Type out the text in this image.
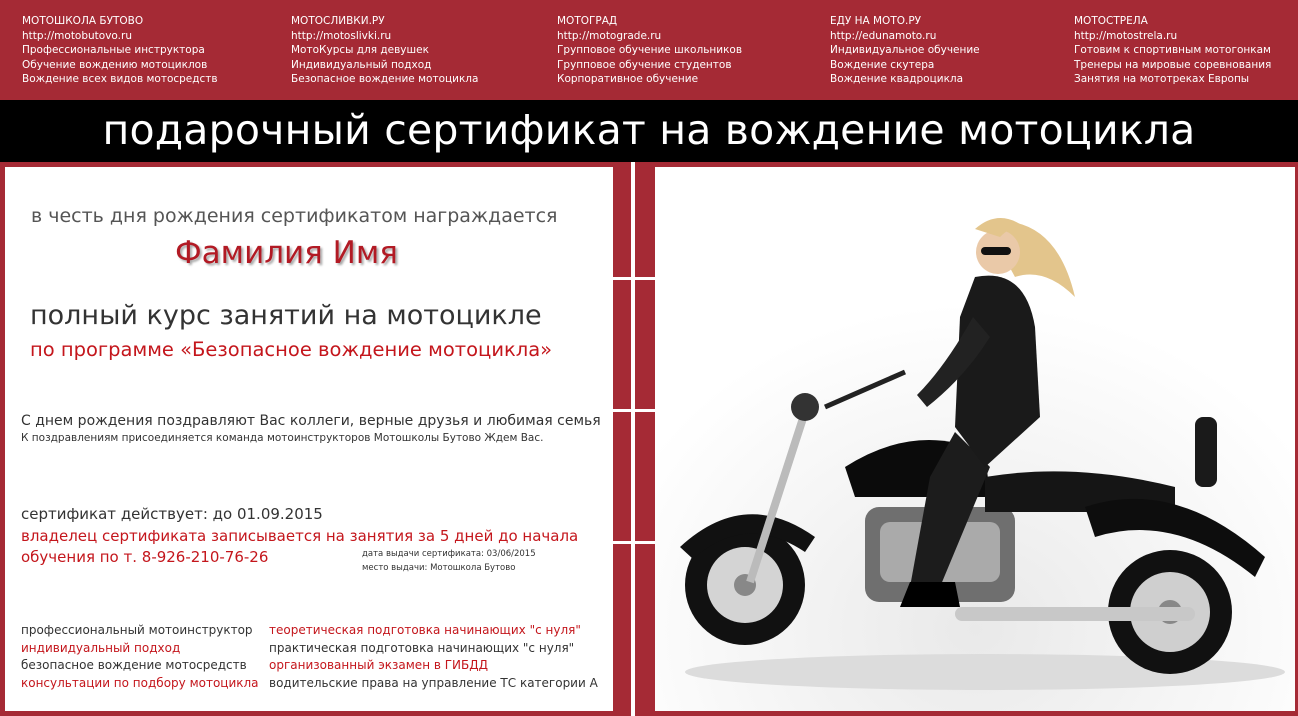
МОТОШКОЛА БУТОВО
http://motobutovo.ru
Профессиональные инструктора
Обучение вождению мотоциклов
Вождение всех видов мотосредств
МОТОСЛИВКИ.РУ
http://motoslivki.ru
МотоКурсы для девушек
Индивидуальный подход
Безопасное вождение мотоцикла
МОТОГРАД
http://motograde.ru
Групповое обучение школьников
Групповое обучение студентов
Корпоративное обучение
ЕДУ НА МОТО.РУ
http://edunamoto.ru
Индивидуальное обучение
Вождение скутера
Вождение квадроцикла
МОТОСТРЕЛА
http://motostrela.ru
Готовим к спортивным мотогонкам
Тренеры на мировые соревнования
Занятия на мототреках Европы
подарочный сертификат на вождение мотоцикла
в честь дня рождения сертификатом награждается
Фамилия Имя
полный курс занятий на мотоцикле
по программе «Безопасное вождение мотоцикла»
С днем рождения поздравляют Вас коллеги, верные друзья и любимая семья
К поздравлениям присоединяется команда мотоинструкторов Мотошколы Бутово Ждем Вас.
сертификат действует: до 01.09.2015
владелец сертификата записывается на занятия за 5 дней до начала
обучения по т. 8-926-210-76-26	дата выдачи сертификата: 03/06/2015
место выдачи: Мотошкола Бутово
профессиональный мотоинструктор
индивидуальный подход
безопасное вождение мотосредств
консультации по подбору мотоцикла
теоретическая подготовка начинающих "с нуля"
практическая подготовка начинающих "с нуля"
организованный экзамен в ГИБДД
водительские права на управление ТС категории А
